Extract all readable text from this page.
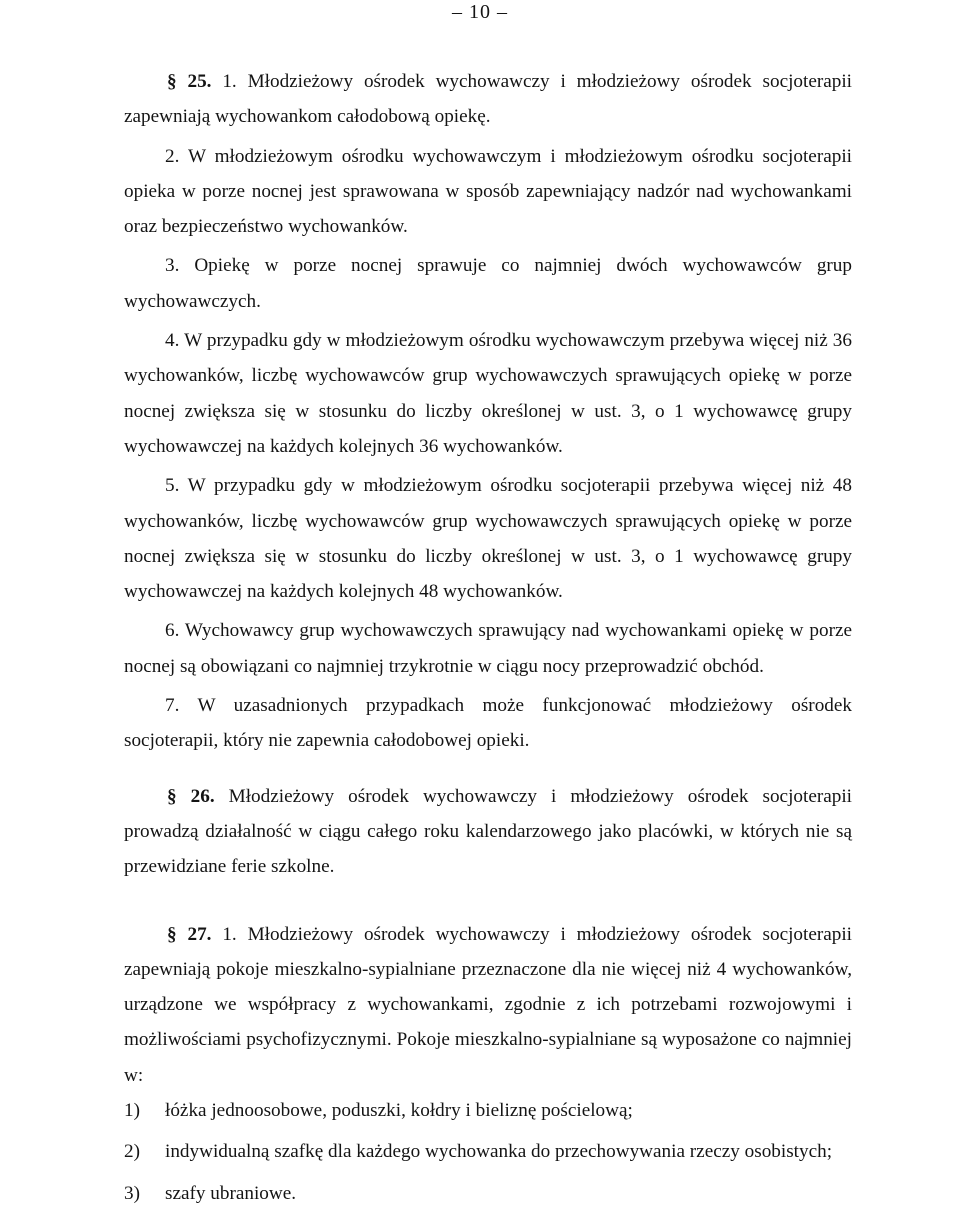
– 10 –

§ 25. 1. Młodzieżowy ośrodek wychowawczy i młodzieżowy ośrodek socjoterapii zapewniają wychowankom całodobową opiekę.

2. W młodzieżowym ośrodku wychowawczym i młodzieżowym ośrodku socjoterapii opieka w porze nocnej jest sprawowana w sposób zapewniający nadzór nad wychowankami oraz bezpieczeństwo wychowanków.

3. Opiekę w porze nocnej sprawuje co najmniej dwóch wychowawców grup wychowawczych.

4. W przypadku gdy w młodzieżowym ośrodku wychowawczym przebywa więcej niż 36 wychowanków, liczbę wychowawców grup wychowawczych sprawujących opiekę w porze nocnej zwiększa się w stosunku do liczby określonej w ust. 3, o 1 wychowawcę grupy wychowawczej na każdych kolejnych 36 wychowanków.

5. W przypadku gdy w młodzieżowym ośrodku socjoterapii przebywa więcej niż 48 wychowanków, liczbę wychowawców grup wychowawczych sprawujących opiekę w porze nocnej zwiększa się w stosunku do liczby określonej w ust. 3, o 1 wychowawcę grupy wychowawczej na każdych kolejnych 48 wychowanków.

6. Wychowawcy grup wychowawczych sprawujący nad wychowankami opiekę w porze nocnej są obowiązani co najmniej trzykrotnie w ciągu nocy przeprowadzić obchód.

7. W uzasadnionych przypadkach może funkcjonować młodzieżowy ośrodek socjoterapii, który nie zapewnia całodobowej opieki.

§ 26. Młodzieżowy ośrodek wychowawczy i młodzieżowy ośrodek socjoterapii prowadzą działalność w ciągu całego roku kalendarzowego jako placówki, w których nie są przewidziane ferie szkolne.

§ 27. 1. Młodzieżowy ośrodek wychowawczy i młodzieżowy ośrodek socjoterapii zapewniają pokoje mieszkalno-sypialniane przeznaczone dla nie więcej niż 4 wychowanków, urządzone we współpracy z wychowankami, zgodnie z ich potrzebami rozwojowymi i możliwościami psychofizycznymi. Pokoje mieszkalno-sypialniane są wyposażone co najmniej w:

1)	łóżka jednoosobowe, poduszki, kołdry i bieliznę pościelową;
2)	indywidualną szafkę dla każdego wychowanka do przechowywania rzeczy osobistych;
3)	szafy ubraniowe.
